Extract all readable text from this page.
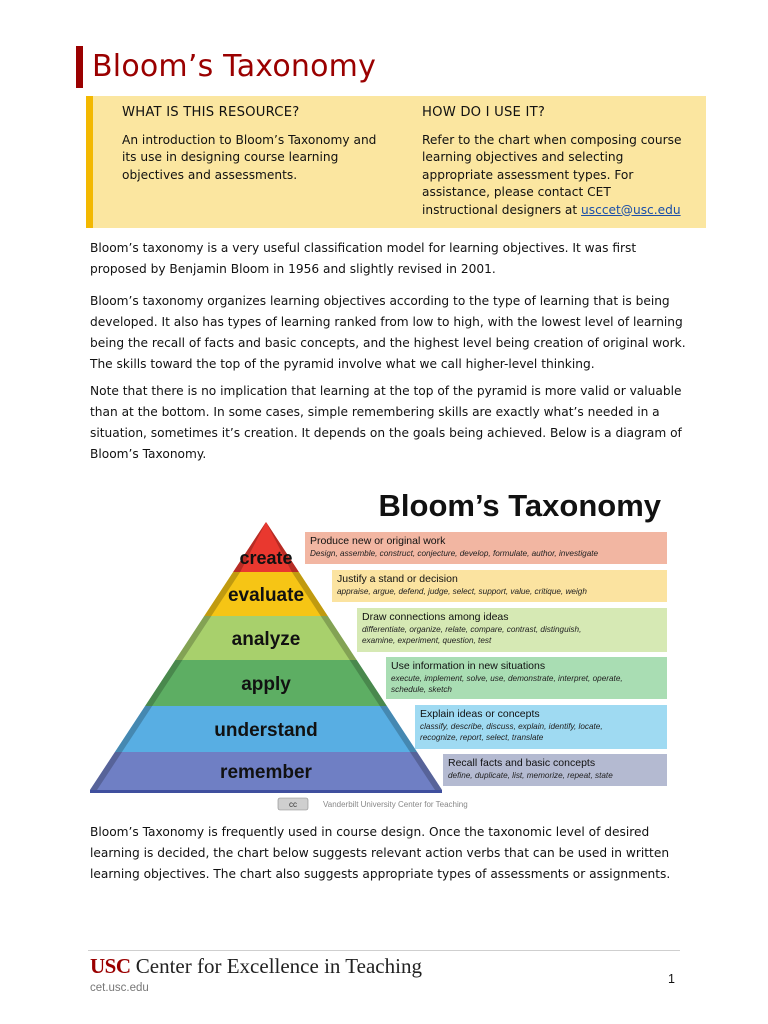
Bloom’s Taxonomy
WHAT IS THIS RESOURCE?

An introduction to Bloom’s Taxonomy and its use in designing course learning objectives and assessments.

HOW DO I USE IT?

Refer to the chart when composing course learning objectives and selecting appropriate assessment types. For assistance, please contact CET instructional designers at usccet@usc.edu

Bloom’s taxonomy is a very useful classification model for learning objectives. It was first proposed by Benjamin Bloom in 1956 and slightly revised in 2001.

Bloom’s taxonomy organizes learning objectives according to the type of learning that is being developed. It also has types of learning ranked from low to high, with the lowest level of learning being the recall of facts and basic concepts, and the highest level being creation of original work. The skills toward the top of the pyramid involve what we call higher-level thinking.

Note that there is no implication that learning at the top of the pyramid is more valid or valuable than at the bottom. In some cases, simple remembering skills are exactly what’s needed in a situation, sometimes it’s creation. It depends on the goals being achieved. Below is a diagram of Bloom’s Taxonomy.

Bloom’s Taxonomy
create
Produce new or original work
Design, assemble, construct, conjecture, develop, formulate, author, investigate
evaluate
Justify a stand or decision
appraise, argue, defend, judge, select, support, value, critique, weigh
analyze
Draw connections among ideas
differentiate, organize, relate, compare, contrast, distinguish, examine, experiment, question, test
apply
Use information in new situations
execute, implement, solve, use, demonstrate, interpret, operate, schedule, sketch
understand
Explain ideas or concepts
classify, describe, discuss, explain, identify, locate, recognize, report, select, translate
remember	Recall facts and basic concepts
define, duplicate, list, memorize, repeat, state
cc	Vanderbilt University Center for Teaching

Bloom’s Taxonomy is frequently used in course design. Once the taxonomic level of desired learning is decided, the chart below suggests relevant action verbs that can be used in written learning objectives. The chart also suggests appropriate types of assessments or assignments.

USC Center for Excellence in Teaching
cet.usc.edu
1
